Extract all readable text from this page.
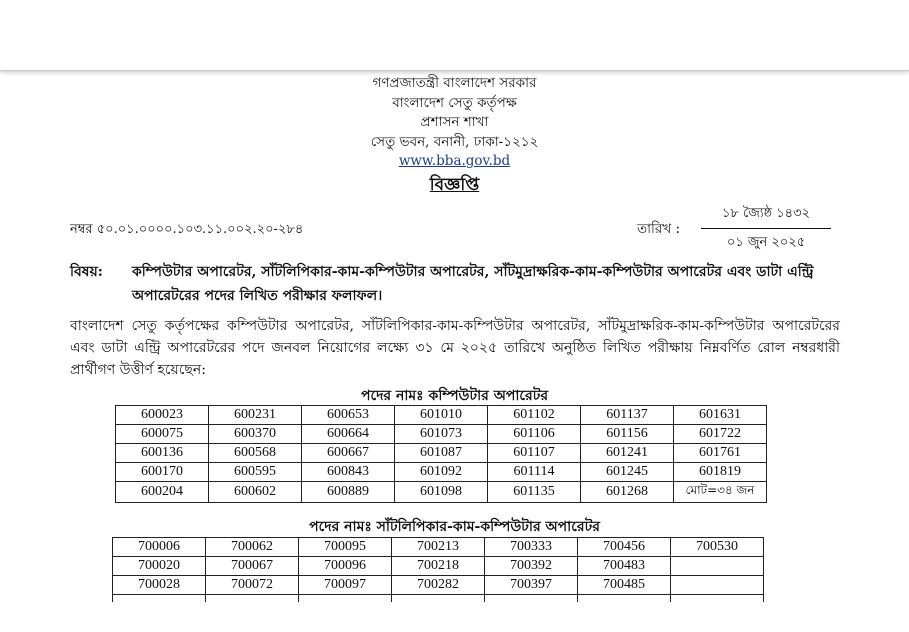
গণপ্রজাতন্ত্রী বাংলাদেশ সরকার
বাংলাদেশ সেতু কর্তৃপক্ষ
প্রশাসন শাখা
সেতু ভবন, বনানী, ঢাকা-১২১২
www.bba.gov.bd
বিজ্ঞপ্তি
নম্বর ৫০.০১.০০০০.১০৩.১১.০০২.২০-২৮৪	তারিখ :
১৮ জ্যৈষ্ঠ ১৪৩২
০১ জুন ২০২৫
বিষয়: কম্পিউটার অপারেটর, সাঁটলিপিকার-কাম-কম্পিউটার অপারেটর, সাঁটমুদ্রাক্ষরিক-কাম-কম্পিউটার অপারেটর এবং ডাটা এন্ট্রি অপারেটরের পদের লিখিত পরীক্ষার ফলাফল।
বাংলাদেশ সেতু কর্তৃপক্ষের কম্পিউটার অপারেটর, সাঁটলিপিকার-কাম-কম্পিউটার অপারেটর, সাঁটমুদ্রাক্ষরিক-কাম-কম্পিউটার অপারেটরের এবং ডাটা এন্ট্রি অপারেটরের পদে জনবল নিয়োগের লক্ষ্যে ৩১ মে ২০২৫ তারিখে অনুষ্ঠিত লিখিত পরীক্ষায় নিম্নবর্ণিত রোল নম্বরধারী প্রার্থীগণ উত্তীর্ণ হয়েছেন:
পদের নামঃ কম্পিউটার অপারেটর
600023	600231	600653	601010	601102	601137	601631
600075	600370	600664	601073	601106	601156	601722
600136	600568	600667	601087	601107	601241	601761
600170	600595	600843	601092	601114	601245	601819
600204	600602	600889	601098	601135	601268	মোট=৩৪ জন
পদের নামঃ সাঁটলিপিকার-কাম-কম্পিউটার অপারেটর
700006	700062	700095	700213	700333	700456	700530
700020	700067	700096	700218	700392	700483	
700028	700072	700097	700282	700397	700485	
